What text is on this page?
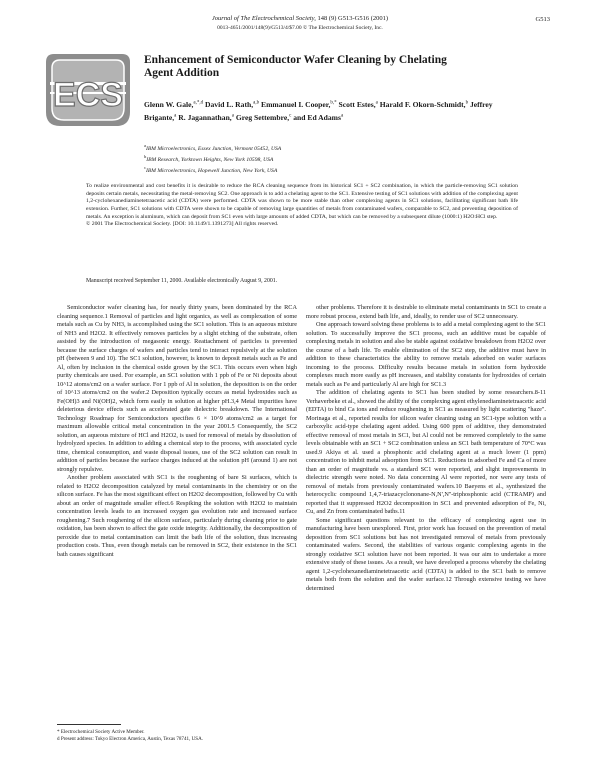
Journal of The Electrochemical Society, 148 (9) G513-G516 (2001)	G513
0013-4651/2001/148(9)/G513/4/$7.00 © The Electrochemical Society, Inc.
ECS
Enhancement of Semiconductor Wafer Cleaning by Chelating Agent Addition
Glenn W. Gale,$^{a,*,d}$ David L. Rath,$^{a,b}$ Emmanuel I. Cooper,$^{b,*}$ Scott Estes,$^a$ Harald F. Okorn-Schmidt,$^b$ Jeffrey Brigante,$^a$ R. Jagannathan,$^a$ Greg Settembre,$^c$ and Ed Adams$^a$
$^a$IBM Microelectronics, Essex Junction, Vermont 05452, USA
$^b$IBM Research, Yorktown Heights, New York 10598, USA
$^c$IBM Microelectronics, Hopewell Junction, New York, USA

To realize environmental and cost benefits it is desirable to reduce the RCA cleaning sequence from its historical SC1 + SC2 combination, in which the particle-removing SC1 solution deposits certain metals, necessitating the metal-removing SC2. One approach is to add a chelating agent to the SC1. Extensive testing of SC1 solutions with addition of the complexing agent 1,2-cyclohexanediaminetetraacetic acid (CDTA) were performed. CDTA was shown to be more stable than other complexing agents in SC1 solutions, facilitating significant bath life extension. Further, SC1 solutions with CDTA were shown to be capable of removing large quantities of metals from contaminated wafers, comparable to SC2, and preventing deposition of metals. An exception is aluminum, which can deposit from SC1 even with large amounts of added CDTA, but which can be removed by a subsequent dilute (1000:1) H2O:HCl step.

© 2001 The Electrochemical Society. [DOI: 10.1149/1.1391273] All rights reserved.

Manuscript received September 11, 2000. Available electronically August 9, 2001.

Semiconductor wafer cleaning has, for nearly thirty years, been dominated by the RCA cleaning sequence.1 Removal of particles and light organics, as well as complexation of some metals such as Cu by NH3, is accomplished using the SC1 solution. This is an aqueous mixture of NH3 and H2O2. It effectively removes particles by a slight etching of the substrate, often assisted by the introduction of megasonic energy. Reattachment of particles is prevented because the surface charges of wafers and particles tend to interact repulsively at the solution pH (between 9 and 10). The SC1 solution, however, is known to deposit metals such as Fe and Al, often by inclusion in the chemical oxide grown by the SC1. This occurs even when high purity chemicals are used. For example, an SC1 solution with 1 ppb of Fe or Ni deposits about 10^12 atoms/cm2 on a wafer surface. For 1 ppb of Al in solution, the deposition is on the order of 10^13 atoms/cm2 on the wafer.2 Deposition typically occurs as metal hydroxides such as Fe(OH)3 and Ni(OH)2, which form easily in solution at higher pH.3,4 Metal impurities have deleterious device effects such as accelerated gate dielectric breakdown. The International Technology Roadmap for Semiconductors specifies 6 × 10^9 atoms/cm2 as a target for maximum allowable critical metal concentration in the year 2001.5 Consequently, the SC2 solution, an aqueous mixture of HCl and H2O2, is used for removal of metals by dissolution of hydrolyzed species. In addition to adding a chemical step to the process, with associated cycle time, chemical consumption, and waste disposal issues, use of the SC2 solution can result in addition of particles because the surface charges induced at the solution pH (around 1) are not strongly repulsive.

Another problem associated with SC1 is the roughening of bare Si surfaces, which is related to H2O2 decomposition catalyzed by metal contaminants in the chemistry or on the silicon surface. Fe has the most significant effect on H2O2 decomposition, followed by Cu with about an order of magnitude smaller effect.6 Respiking the solution with H2O2 to maintain concentration levels leads to an increased oxygen gas evolution rate and increased surface roughening.7 Such roughening of the silicon surface, particularly during cleaning prior to gate oxidation, has been shown to affect the gate oxide integrity. Additionally, the decomposition of peroxide due to metal contamination can limit the bath life of the solution, thus increasing production costs. Thus, even though metals can be removed in SC2, their existence in the SC1 bath causes significant

other problems. Therefore it is desirable to eliminate metal contaminants in SC1 to create a more robust process, extend bath life, and, ideally, to render use of SC2 unnecessary.

One approach toward solving these problems is to add a metal complexing agent to the SC1 solution. To successfully improve the SC1 process, such an additive must be capable of complexing metals in solution and also be stable against oxidative breakdown from H2O2 over the course of a bath life. To enable elimination of the SC2 step, the additive must have in addition to these characteristics the ability to remove metals adsorbed on wafer surfaces incoming to the process. Difficulty results because metals in solution form hydroxide complexes much more easily as pH increases, and stability constants for hydroxides of certain metals such as Fe and particularly Al are high for SC1.3

The addition of chelating agents to SC1 has been studied by some researchers.8-11 Verhaverbeke et al., showed the ability of the complexing agent ethylenediaminetetraacetic acid (EDTA) to bind Ca ions and reduce roughening in SC1 as measured by light scattering "haze". Morinaga et al., reported results for silicon wafer cleaning using an SC1-type solution with a carboxylic acid-type chelating agent added. Using 600 ppm of additive, they demonstrated effective removal of most metals in SC1, but Al could not be removed completely to the same levels obtainable with an SC1 + SC2 combination unless an SC1 bath temperature of 70°C was used.9 Akiya et al. used a phosphonic acid chelating agent at a much lower (1 ppm) concentration to inhibit metal adsorption from SC1. Reductions in adsorbed Fe and Ca of more than an order of magnitude vs. a standard SC1 were reported, and slight improvements in dielectric strength were noted. No data concerning Al were reported, nor were any tests of removal of metals from previously contaminated wafers.10 Baeyens et al., synthesized the heterocyclic compound 1,4,7-triazacyclononane-N,N',N''-triphosphonic acid (CTRAMP) and reported that it suppressed H2O2 decomposition in SC1 and prevented adsorption of Fe, Ni, Cu, and Zn from contaminated baths.11

Some significant questions relevant to the efficacy of complexing agent use in manufacturing have been unexplored. First, prior work has focused on the prevention of metal deposition from SC1 solutions but has not investigated removal of metals from previously contaminated wafers. Second, the stabilities of various organic complexing agents in the strongly oxidative SC1 solution have not been reported. It was our aim to undertake a more extensive study of these issues. As a result, we have developed a process whereby the chelating agent 1,2-cyclohexanediaminetetraacetic acid (CDTA) is added to the SC1 bath to remove metals both from the solution and the wafer surface.12 Through extensive testing we have determined

* Electrochemical Society Active Member.
d Present address: Tokyo Electron America, Austin, Texas 78741, USA.
